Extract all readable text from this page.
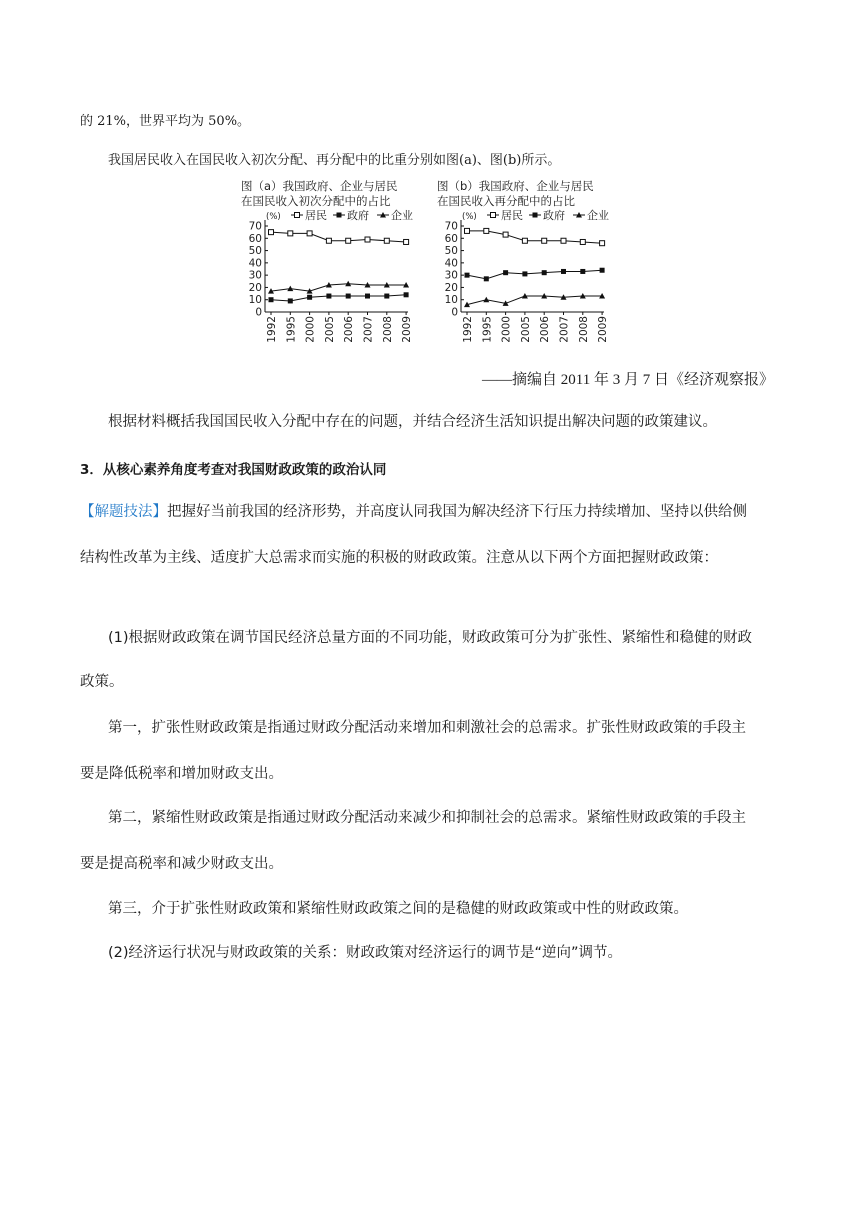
的 21%，世界平均为 50%。
我国居民收入在国民收入初次分配、再分配中的比重分别如图(a)、图(b)所示。
图（a）我国政府、企业与居民
在国民收入初次分配中的占比
(%)
0
10
20
30
40
50
60
70
1992 1995 2000 2005 2006 2007 2008 2009
居民 政府 企业
图（b）我国政府、企业与居民
在国民收入再分配中的占比
(%)
0
10
20
30
40
50
60
70
1992 1995 2000 2005 2006 2007 2008 2009
居民 政府 企业
——摘编自 2011 年 3 月 7 日《经济观察报》
根据材料概括我国国民收入分配中存在的问题，并结合经济生活知识提出解决问题的政策建议。
3．从核心素养角度考查对我国财政政策的政治认同
【解题技法】把握好当前我国的经济形势，并高度认同我国为解决经济下行压力持续增加、坚持以供给侧
结构性改革为主线、适度扩大总需求而实施的积极的财政政策。注意从以下两个方面把握财政政策：
(1)根据财政政策在调节国民经济总量方面的不同功能，财政政策可分为扩张性、紧缩性和稳健的财政
政策。
第一，扩张性财政政策是指通过财政分配活动来增加和刺激社会的总需求。扩张性财政政策的手段主
要是降低税率和增加财政支出。
第二，紧缩性财政政策是指通过财政分配活动来减少和抑制社会的总需求。紧缩性财政政策的手段主
要是提高税率和减少财政支出。
第三，介于扩张性财政政策和紧缩性财政政策之间的是稳健的财政政策或中性的财政政策。
(2)经济运行状况与财政政策的关系：财政政策对经济运行的调节是“逆向”调节。
